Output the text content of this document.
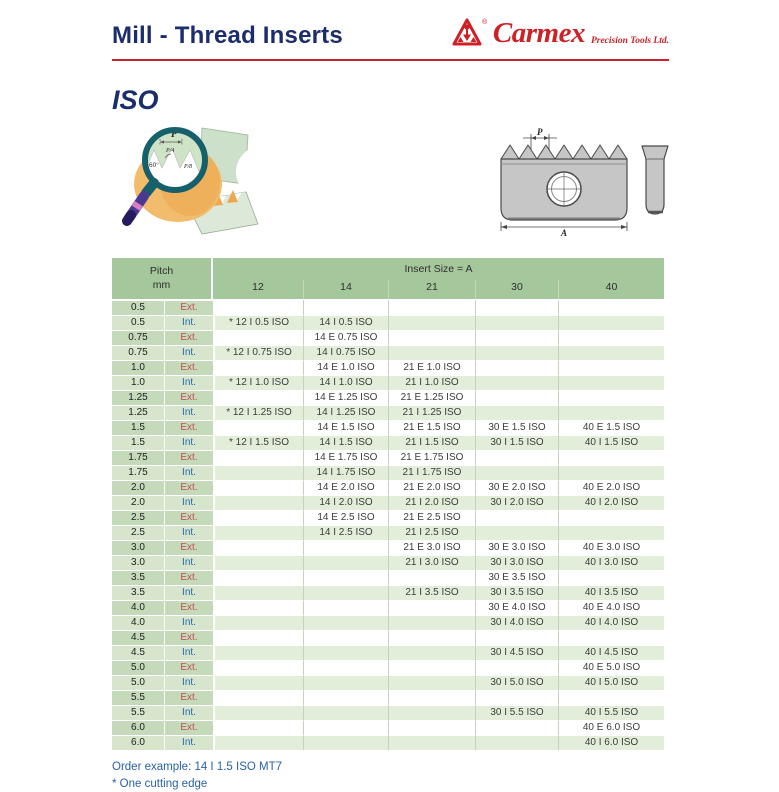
Mill - Thread Inserts	® Carmex Precision Tools Ltd.
ISO
P
P/4
60°	P/8
P
A
Pitch
mm		Insert Size = A				
		12	14	21	30	40
0.5	Ext.					
0.5	Int.	* 12 I 0.5 ISO	14 I 0.5 ISO			
0.75	Ext.		14 E 0.75 ISO			
0.75	Int.	* 12 I 0.75 ISO	14 I 0.75 ISO			
1.0	Ext.		14 E 1.0 ISO	21 E 1.0 ISO		
1.0	Int.	* 12 I 1.0 ISO	14 I 1.0 ISO	21 I 1.0 ISO		
1.25	Ext.		14 E 1.25 ISO	21 E 1.25 ISO		
1.25	Int.	* 12 I 1.25 ISO	14 I 1.25 ISO	21 I 1.25 ISO		
1.5	Ext.		14 E 1.5 ISO	21 E 1.5 ISO	30 E 1.5 ISO	40 E 1.5 ISO
1.5	Int.	* 12 I 1.5 ISO	14 I 1.5 ISO	21 I 1.5 ISO	30 I 1.5 ISO	40 I 1.5 ISO
1.75	Ext.		14 E 1.75 ISO	21 E 1.75 ISO		
1.75	Int.		14 I 1.75 ISO	21 I 1.75 ISO		
2.0	Ext.		14 E 2.0 ISO	21 E 2.0 ISO	30 E 2.0 ISO	40 E 2.0 ISO
2.0	Int.		14 I 2.0 ISO	21 I 2.0 ISO	30 I 2.0 ISO	40 I 2.0 ISO
2.5	Ext.		14 E 2.5 ISO	21 E 2.5 ISO		
2.5	Int.		14 I 2.5 ISO	21 I 2.5 ISO		
3.0	Ext.			21 E 3.0 ISO	30 E 3.0 ISO	40 E 3.0 ISO
3.0	Int.			21 I 3.0 ISO	30 I 3.0 ISO	40 I 3.0 ISO
3.5	Ext.				30 E 3.5 ISO	
3.5	Int.			21 I 3.5 ISO	30 I 3.5 ISO	40 I 3.5 ISO
4.0	Ext.				30 E 4.0 ISO	40 E 4.0 ISO
4.0	Int.				30 I 4.0 ISO	40 I 4.0 ISO
4.5	Ext.					
4.5	Int.				30 I 4.5 ISO	40 I 4.5 ISO
5.0	Ext.					40 E 5.0 ISO
5.0	Int.				30 I 5.0 ISO	40 I 5.0 ISO
5.5	Ext.					
5.5	Int.				30 I 5.5 ISO	40 I 5.5 ISO
6.0	Ext.					40 E 6.0 ISO
6.0	Int.					40 I 6.0 ISO
Order example: 14 I 1.5 ISO MT7
* One cutting edge
